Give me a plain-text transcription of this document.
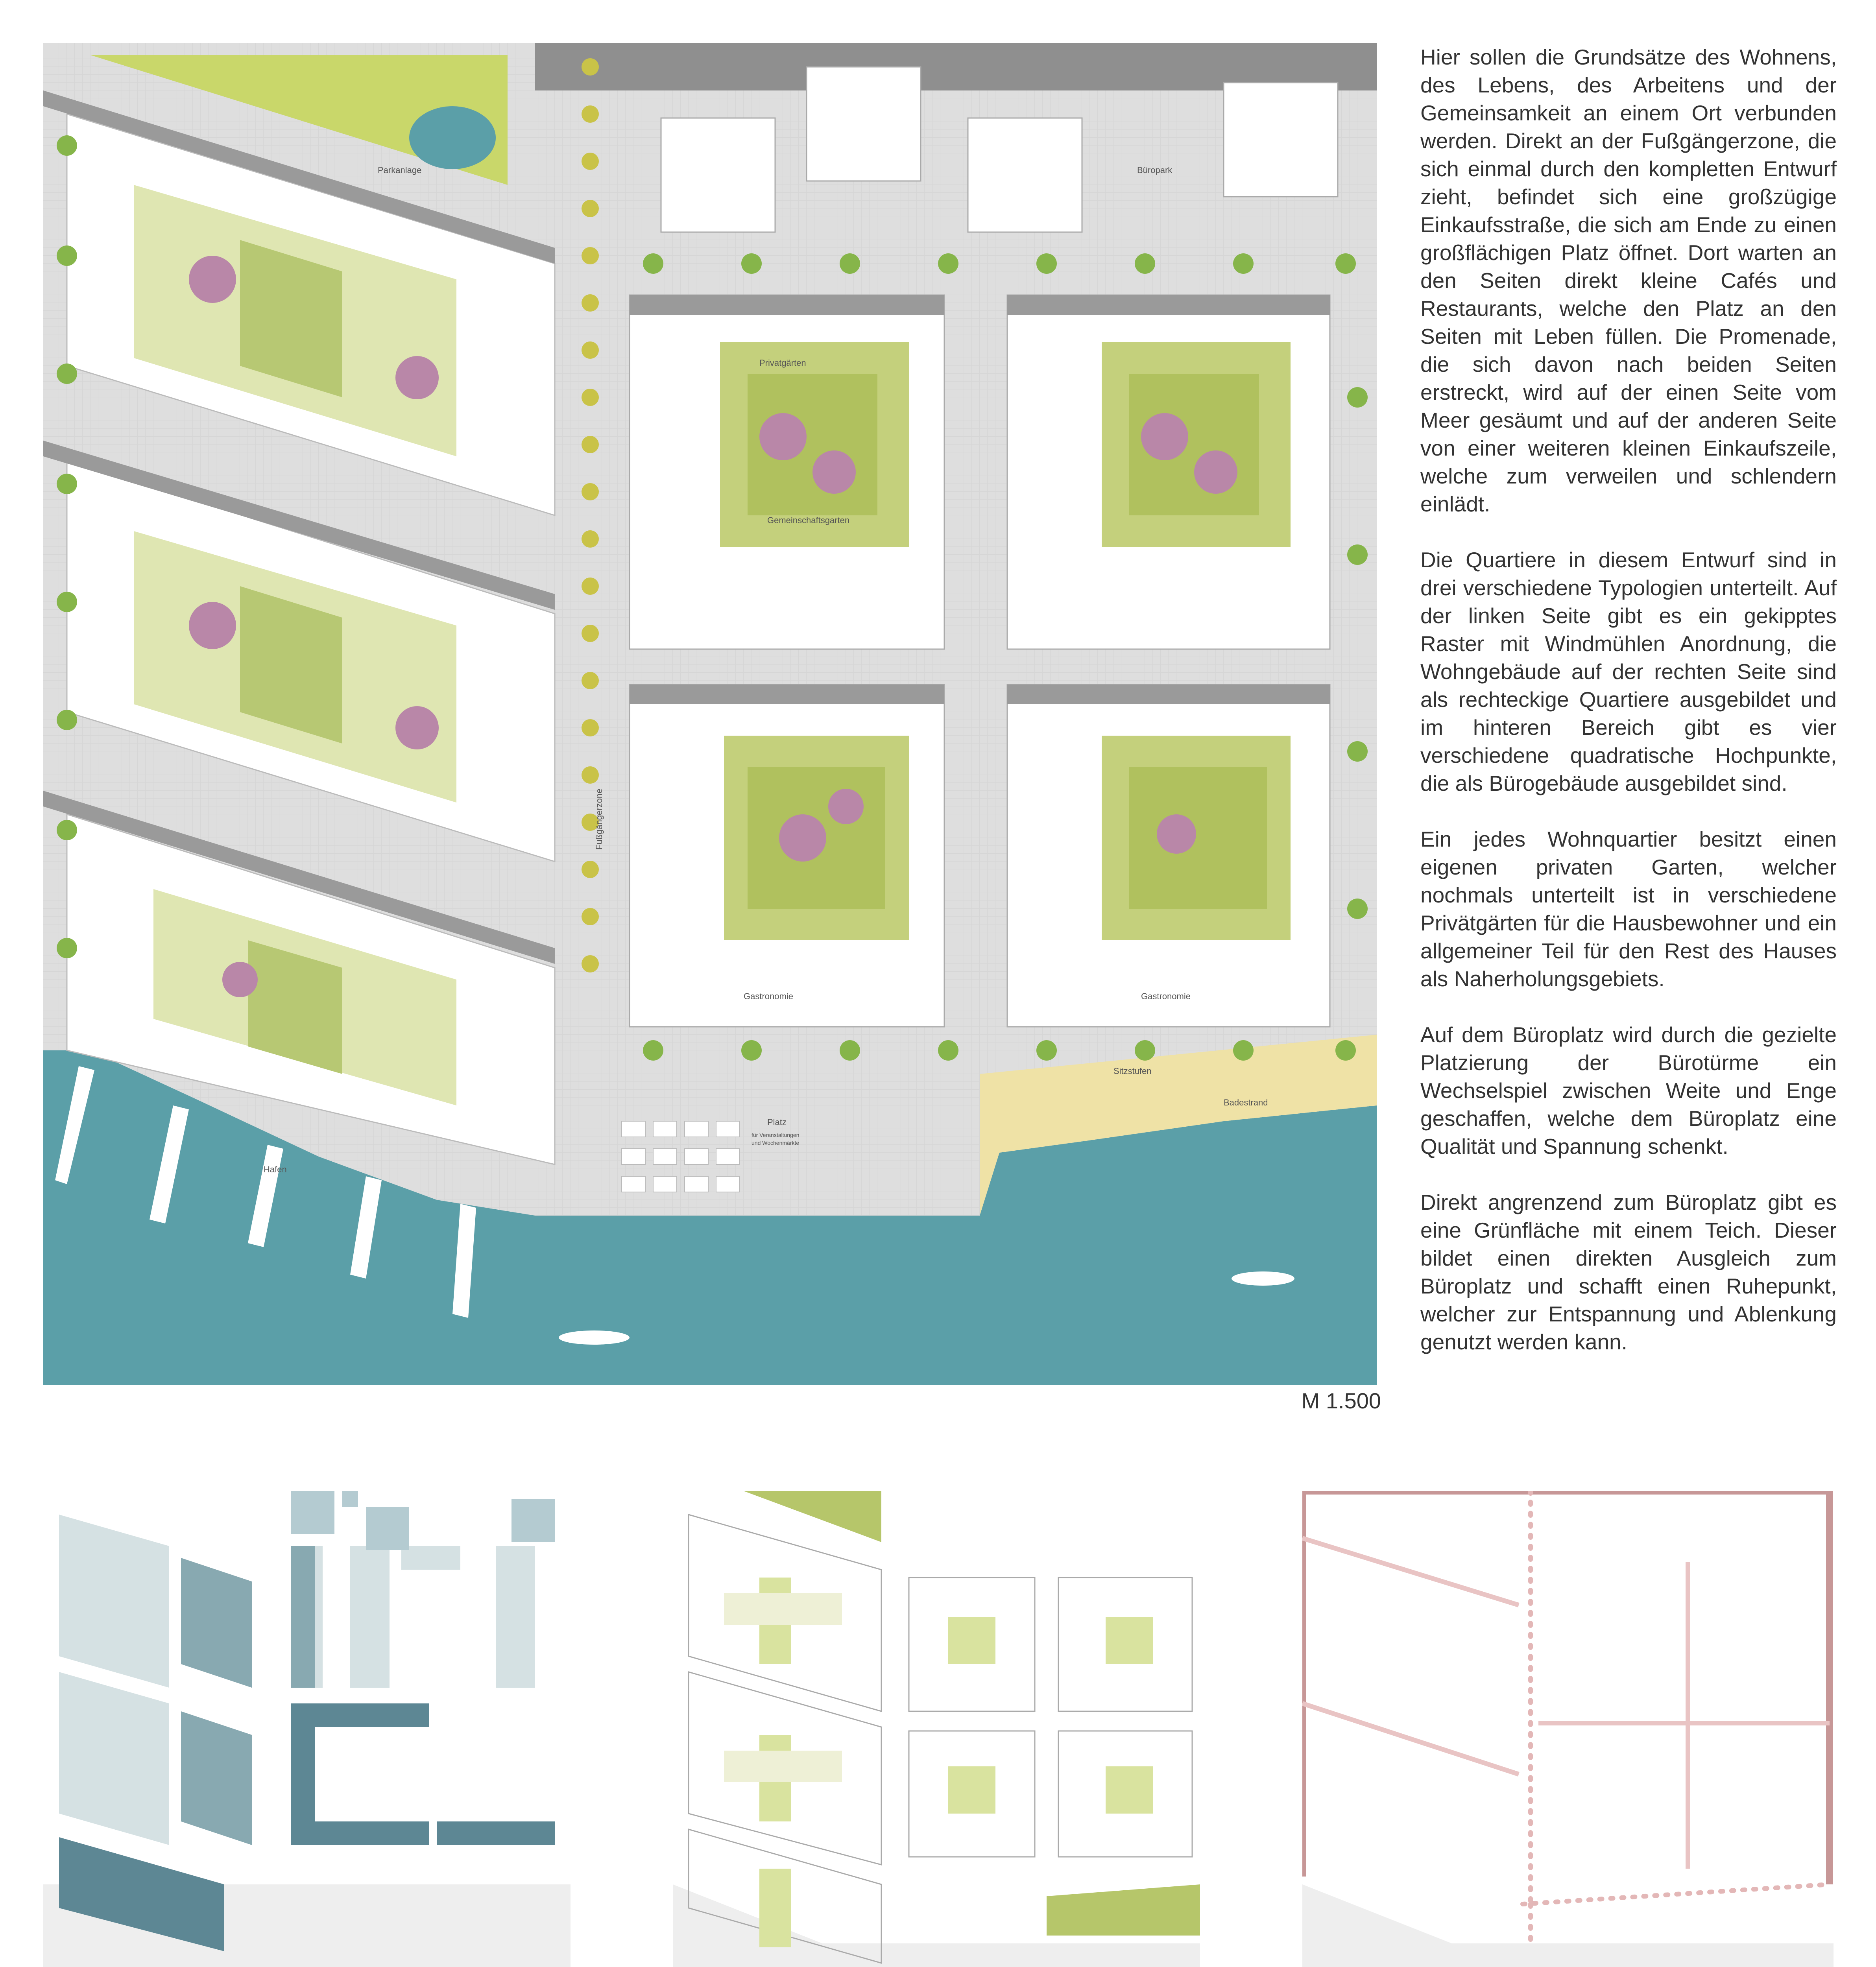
Parkanlage	Büropark
Privatgärten
Gemeinschaftsgarten
Gastronomie	Gastronomie
Sitzstufen
Badestrand
Platz
für Veranstaltungen
und Wochenmärkte
Hafen
Fußgängerzone

Hier sollen die Grundsätze des Wohnens, des Lebens, des Arbeitens und der Gemeinsamkeit an einem Ort verbunden werden. Direkt an der Fußgängerzone, die sich einmal durch den kompletten Entwurf zieht, befindet sich eine großzügige Einkaufsstraße, die sich am Ende zu einen großflächigen Platz öffnet. Dort warten an den Seiten direkt kleine Cafés und Restaurants, welche den Platz an den Seiten mit Leben füllen. Die Promenade, die sich davon nach beiden Seiten erstreckt, wird auf der einen Seite vom Meer gesäumt und auf der anderen Seite von einer weiteren kleinen Einkaufszeile, welche zum verweilen und schlendern einlädt.

Die Quartiere in diesem Entwurf sind in drei verschiedene Typologien unterteilt. Auf der linken Seite gibt es ein gekipptes Raster mit Windmühlen Anordnung, die Wohngebäude auf der rechten Seite sind als rechteckige Quartiere ausgebildet und im hinteren Bereich gibt es vier verschiedene quadratische Hochpunkte, die als Bürogebäude ausgebildet sind.

Ein jedes Wohnquartier besitzt einen eigenen privaten Garten, welcher nochmals unterteilt ist in verschiedene Privätgärten für die Hausbewohner und ein allgemeiner Teil für den Rest des Hauses als Naherholungsgebiets.

Auf dem Büroplatz wird durch die gezielte Platzierung der Bürotürme ein Wechselspiel zwischen Weite und Enge geschaffen, welche dem Büroplatz eine Qualität und Spannung schenkt.

Direkt angrenzend zum Büroplatz gibt es eine Grünfläche mit einem Teich. Dieser bildet einen direkten Ausgleich zum Büroplatz und schafft einen Ruhepunkt, welcher zur Entspannung und Ablenkung genutzt werden kann.

M 1.500
